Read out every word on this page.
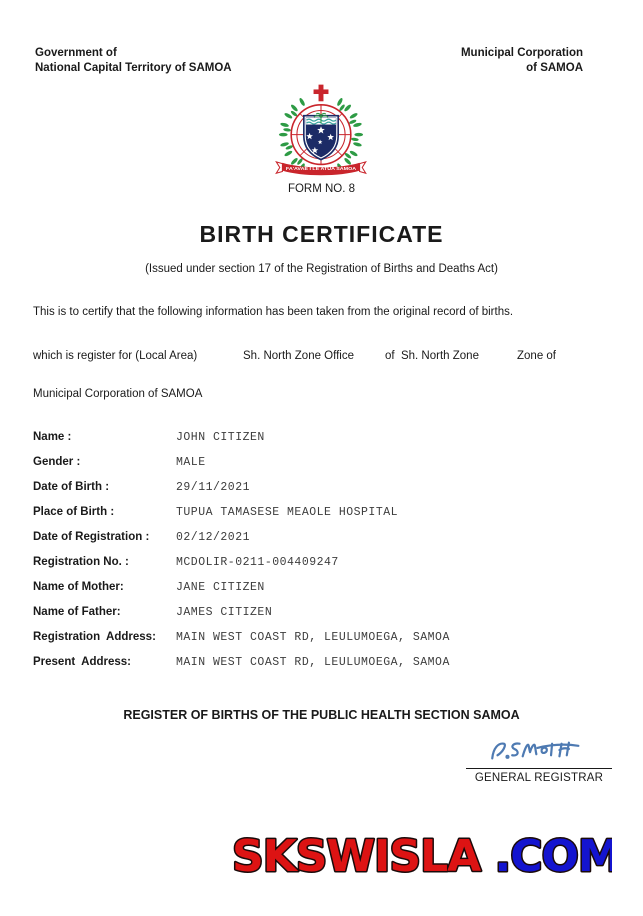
Government of
National Capital Territory of SAMOA
Municipal Corporation
of SAMOA
FA'AVAE I LE ATUA SAMOA
FORM NO. 8
BIRTH CERTIFICATE
(Issued under section 17 of the Registration of Births and Deaths Act)
This is to certify that the following information has been taken from the original record of births.
which is register for (Local Area)	Sh. North Zone Office	of  Sh. North Zone	Zone of
Municipal Corporation of SAMOA
Name :	JOHN CITIZEN
Gender :	MALE
Date of Birth :	29/11/2021
Place of Birth :	TUPUA TAMASESE MEAOLE HOSPITAL
Date of Registration :	02/12/2021
Registration No. :	MCDOLIR-0211-004409247
Name of Mother:	JANE CITIZEN
Name of Father:	JAMES CITIZEN
Registration  Address:	MAIN WEST COAST RD, LEULUMOEGA, SAMOA
Present  Address:	MAIN WEST COAST RD, LEULUMOEGA, SAMOA
REGISTER OF BIRTHS OF THE PUBLIC HEALTH SECTION SAMOA
GENERAL REGISTRAR
SKSWISLA .COM
